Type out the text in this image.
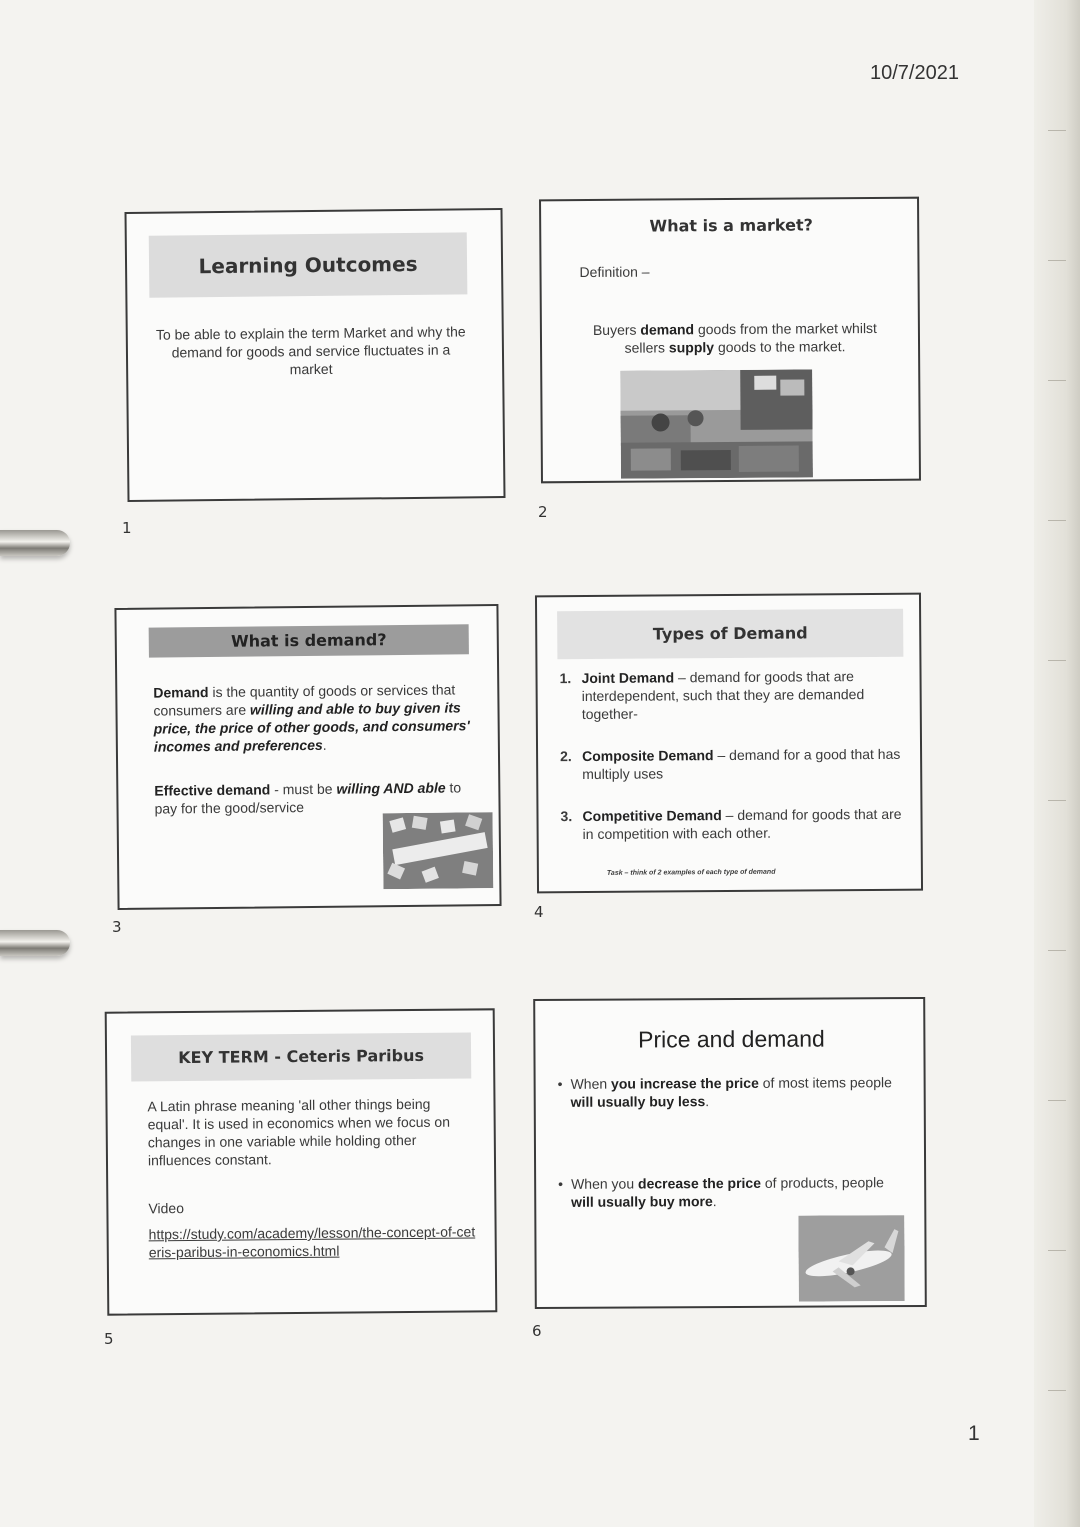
10/7/2021
Learning Outcomes
To be able to explain the term Market and why the demand for goods and service fluctuates in a market
1
What is a market?
Definition –
Buyers demand goods from the market whilst sellers supply goods to the market.
2
What is demand?
Demand is the quantity of goods or services that consumers are willing and able to buy given its price, the price of other goods, and consumers' incomes and preferences.
Effective demand - must be willing AND able to pay for the good/service
3
Types of Demand
1. Joint Demand – demand for goods that are interdependent, such that they are demanded together-
2. Composite Demand – demand for a good that has multiply uses
3. Competitive Demand – demand for goods that are in competition with each other.
Task – think of 2 examples of each type of demand
4
KEY TERM - Ceteris Paribus
A Latin phrase meaning 'all other things being equal'. It is used in economics when we focus on changes in one variable while holding other influences constant.
Video
https://study.com/academy/lesson/the-concept-of-ceteris-paribus-in-economics.html
5
Price and demand
• When you increase the price of most items people will usually buy less.
• When you decrease the price of products, people will usually buy more.
6
1
